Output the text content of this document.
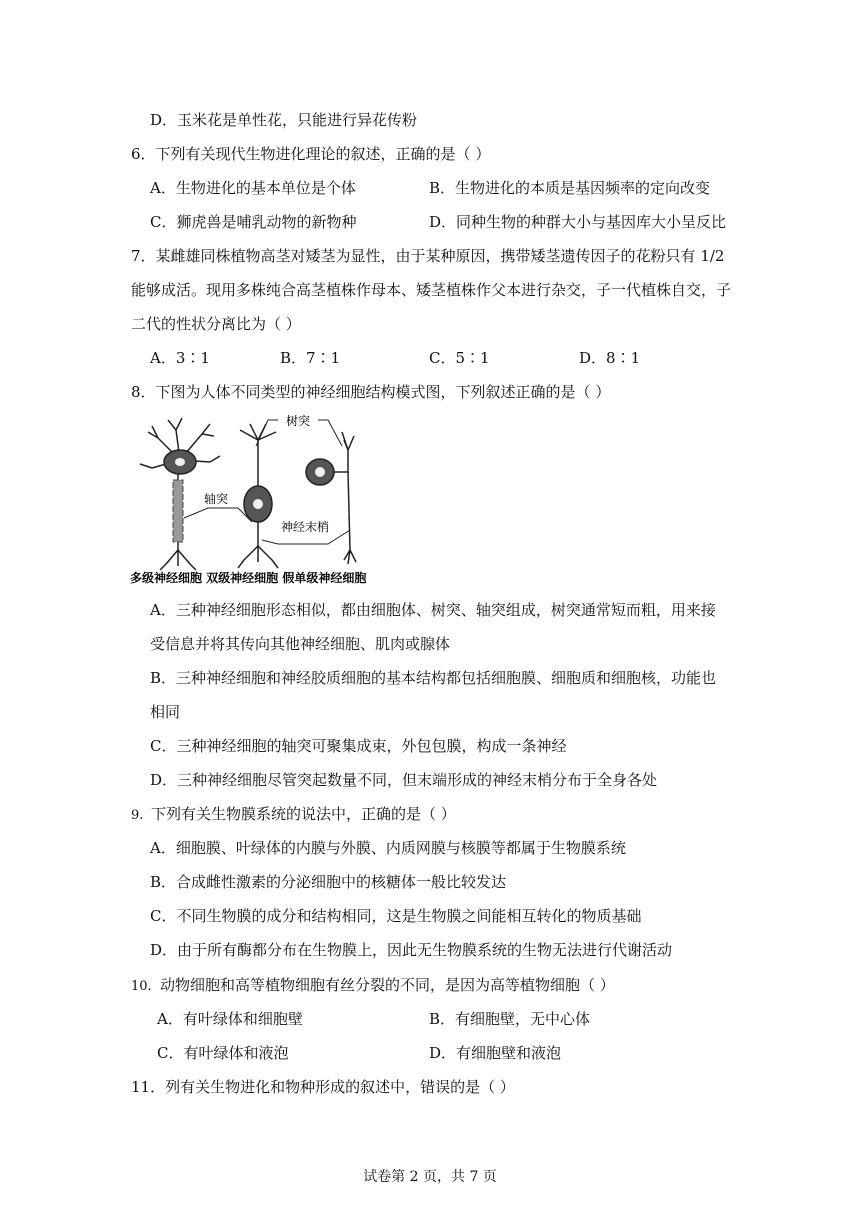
D．玉米花是单性花，只能进行异花传粉
6．下列有关现代生物进化理论的叙述，正确的是（ ）
A．生物进化的基本单位是个体	B．生物进化的本质是基因频率的定向改变
C．狮虎兽是哺乳动物的新物种	D．同种生物的种群大小与基因库大小呈反比
7．某雌雄同株植物高茎对矮茎为显性，由于某种原因，携带矮茎遗传因子的花粉只有 1/2
能够成活。现用多株纯合高茎植株作母本、矮茎植株作父本进行杂交，子一代植株自交，子
二代的性状分离比为（ ）
A．3∶1	B．7∶1	C．5∶1	D．8∶1
8．下图为人体不同类型的神经细胞结构模式图，下列叙述正确的是（ ）
树突
轴突
神经末梢
多级神经细胞 双级神经细胞 假单级神经细胞
A．三种神经细胞形态相似，都由细胞体、树突、轴突组成，树突通常短而粗，用来接
受信息并将其传向其他神经细胞、肌肉或腺体
B．三种神经细胞和神经胶质细胞的基本结构都包括细胞膜、细胞质和细胞核，功能也
相同
C．三种神经细胞的轴突可聚集成束，外包包膜，构成一条神经
D．三种神经细胞尽管突起数量不同，但末端形成的神经末梢分布于全身各处
9. 下列有关生物膜系统的说法中，正确的是（ ）
A．细胞膜、叶绿体的内膜与外膜、内质网膜与核膜等都属于生物膜系统
B．合成雌性激素的分泌细胞中的核糖体一般比较发达
C．不同生物膜的成分和结构相同，这是生物膜之间能相互转化的物质基础
D．由于所有酶都分布在生物膜上，因此无生物膜系统的生物无法进行代谢活动
10. 动物细胞和高等植物细胞有丝分裂的不同，是因为高等植物细胞（ ）
A．有叶绿体和细胞壁	B．有细胞壁，无中心体
C．有叶绿体和液泡	D．有细胞壁和液泡
11．列有关生物进化和物种形成的叙述中，错误的是（ ）
试卷第 2 页，共 7 页
